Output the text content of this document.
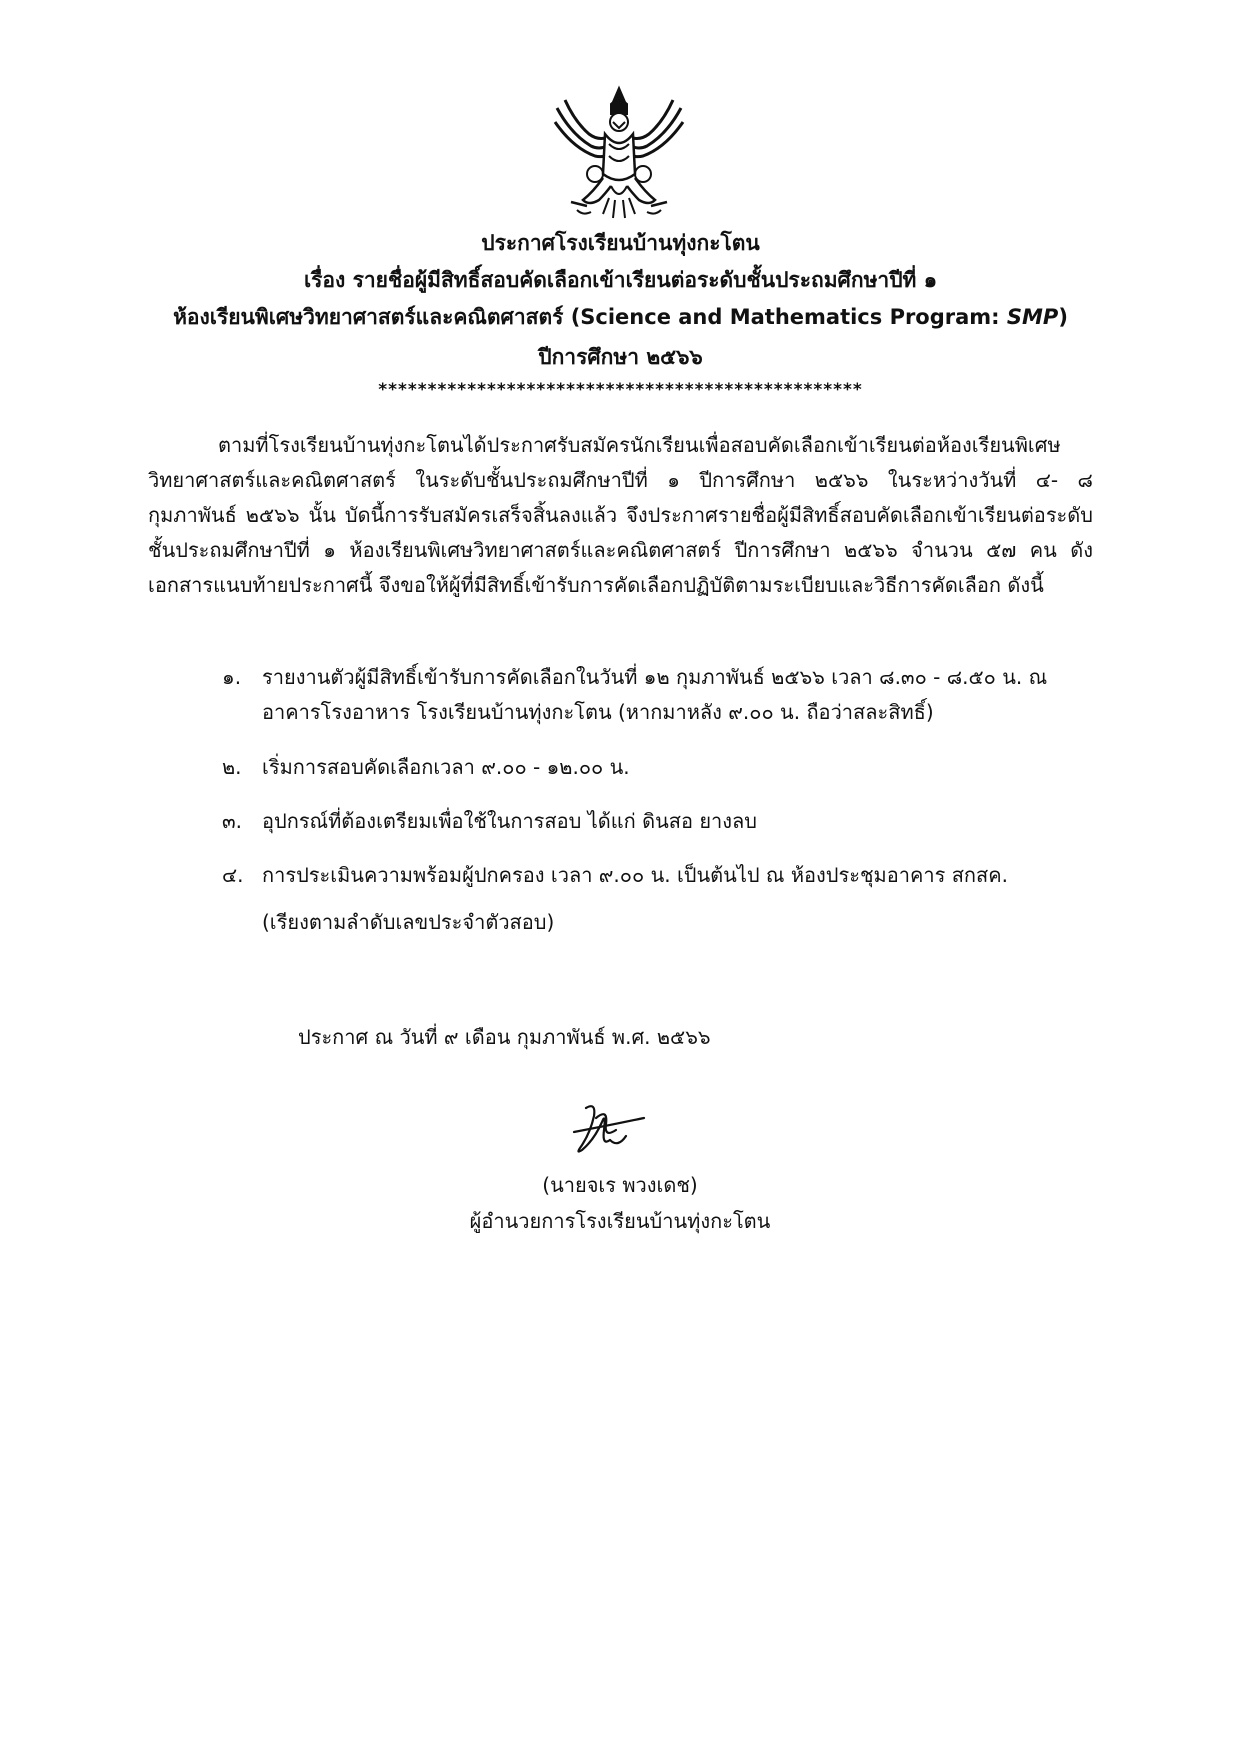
ประกาศโรงเรียนบ้านทุ่งกะโตน
เรื่อง รายชื่อผู้มีสิทธิ์สอบคัดเลือกเข้าเรียนต่อระดับชั้นประถมศึกษาปีที่ ๑
ห้องเรียนพิเศษวิทยาศาสตร์และคณิตศาสตร์ (Science and Mathematics Program: SMP)
ปีการศึกษา ๒๕๖๖
*************************************************
ตามที่โรงเรียนบ้านทุ่งกะโตนได้ประกาศรับสมัครนักเรียนเพื่อสอบคัดเลือกเข้าเรียนต่อห้องเรียนพิเศษวิทยาศาสตร์และคณิตศาสตร์ ในระดับชั้นประถมศึกษาปีที่ ๑ ปีการศึกษา ๒๕๖๖ ในระหว่างวันที่ ๔- ๘ กุมภาพันธ์ ๒๕๖๖ นั้น บัดนี้การรับสมัครเสร็จสิ้นลงแล้ว จึงประกาศรายชื่อผู้มีสิทธิ์สอบคัดเลือกเข้าเรียนต่อระดับชั้นประถมศึกษาปีที่ ๑ ห้องเรียนพิเศษวิทยาศาสตร์และคณิตศาสตร์ ปีการศึกษา ๒๕๖๖ จำนวน ๕๗ คน ดังเอกสารแนบท้ายประกาศนี้ จึงขอให้ผู้ที่มีสิทธิ์เข้ารับการคัดเลือกปฏิบัติตามระเบียบและวิธีการคัดเลือก ดังนี้
๑.	รายงานตัวผู้มีสิทธิ์เข้ารับการคัดเลือกในวันที่ ๑๒ กุมภาพันธ์ ๒๕๖๖ เวลา ๘.๓๐ - ๘.๕๐ น. ณ อาคารโรงอาหาร โรงเรียนบ้านทุ่งกะโตน (หากมาหลัง ๙.๐๐ น. ถือว่าสละสิทธิ์)
๒.	เริ่มการสอบคัดเลือกเวลา ๙.๐๐ - ๑๒.๐๐ น.
๓. อุปกรณ์ที่ต้องเตรียมเพื่อใช้ในการสอบ ได้แก่ ดินสอ ยางลบ
๔. การประเมินความพร้อมผู้ปกครอง เวลา ๙.๐๐ น. เป็นต้นไป ณ ห้องประชุมอาคาร สกสค.
(เรียงตามลำดับเลขประจำตัวสอบ)
ประกาศ ณ วันที่ ๙ เดือน กุมภาพันธ์ พ.ศ. ๒๕๖๖
(นายจเร พวงเดช)
ผู้อำนวยการโรงเรียนบ้านทุ่งกะโตน
